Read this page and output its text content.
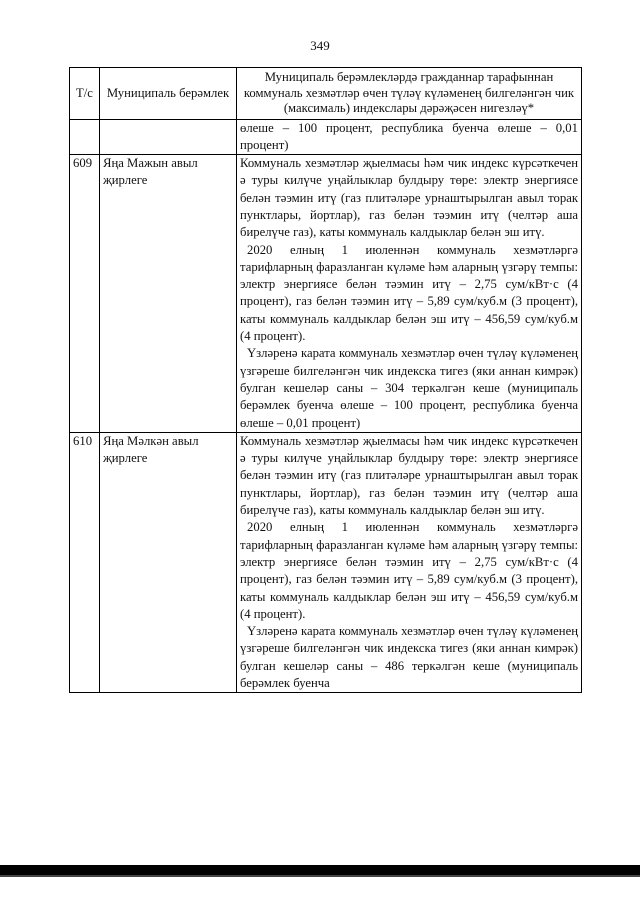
349
Т/с	Муниципаль берәмлек	Муниципаль берәмлекләрдә гражданнар тарафыннан коммуналь хезмәтләр өчен түләү күләменең билгеләнгән чик (максималь) индекслары дәрәҗәсен нигезләү*
		өлеше – 100 процент, республика буенча өлеше – 0,01 процент)
609	Яңа Мажын авыл җирлеге	Коммуналь хезмәтләр җыелмасы һәм чик индекс күрсәткечен​ә туры килүче уңайлыклар булдыру төре: электр энергиясе белән тәэмин итү (газ плитәләре урнаштырылган авыл торак пунктлары, йортлар), газ белән тәэмин итү (челтәр аша бирелүче газ), каты коммуналь калдыклар белән эш итү.

2020 елның 1 июленнән коммуналь хезмәтләргә тарифларның фаразланган күләме һәм аларның үзгәрү темпы: электр энергиясе белән тәэмин итү – 2,75 сум/кВт·с (4 процент), газ белән тәэмин итү – 5,89 сум/куб.м (3 процент), каты коммуналь калдыклар белән эш итү – 456,59 сум/куб.м (4 процент).

Үзләренә карата коммуналь хезмәтләр өчен түләү күләменең үзгәреше билгеләнгән чик индекска тигез (яки аннан кимрәк) булган кешеләр саны – 304 теркәлгән кеше (муниципаль берәмлек буенча өлеше – 100 процент, республика буенча өлеше – 0,01 процент)

610	Яңа Мәлкән авыл җирлеге	Коммуналь хезмәтләр җыелмасы һәм чик индекс күрсәткечен​ә туры килүче уңайлыклар булдыру төре: электр энергиясе белән тәэмин итү (газ плитәләре урнаштырылган авыл торак пунктлары, йортлар), газ белән тәэмин итү (челтәр аша бирелүче газ), каты коммуналь калдыклар белән эш итү.

2020 елның 1 июленнән коммуналь хезмәтләргә тарифларның фаразланган күләме һәм аларның үзгәрү темпы: электр энергиясе белән тәэмин итү – 2,75 сум/кВт·с (4 процент), газ белән тәэмин итү – 5,89 сум/куб.м (3 процент), каты коммуналь калдыклар белән эш итү – 456,59 сум/куб.м (4 процент).

Үзләренә карата коммуналь хезмәтләр өчен түләү күләменең үзгәреше билгеләнгән чик индекска тигез (яки аннан кимрәк) булган кешеләр саны – 486 теркәлгән кеше (муниципаль берәмлек буенча
